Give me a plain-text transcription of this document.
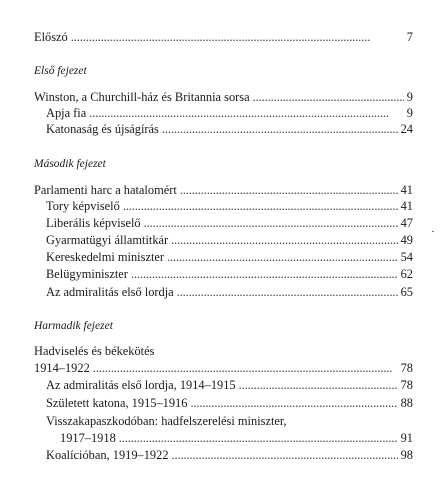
Előszó . . .	7
Első fejezet
Winston, a Churchill-ház és Britannia sorsa . . .	9
Apja fia . . .	9
Katonaság és újságírás . . .	24
Második fejezet
Parlamenti harc a hatalomért . . .	41
Tory képviselő . . .	41
Liberális képviselő . . .	47
Gyarmatügyi államtitkár . . .	49
Kereskedelmi miniszter . . .	54
Belügyminiszter . . .	62
Az admiralitás első lordja . . .	65
Harmadik fejezet
Hadviselés és békekötés
1914–1922 . . .	78
Az admiralitás első lordja, 1914–1915 . . .	78
Született katona, 1915–1916 . . .	88
Visszakapaszkodóban: hadfelszerelési miniszter,
1917–1918 . . .	91
Koalícióban, 1919–1922 . . .	98
